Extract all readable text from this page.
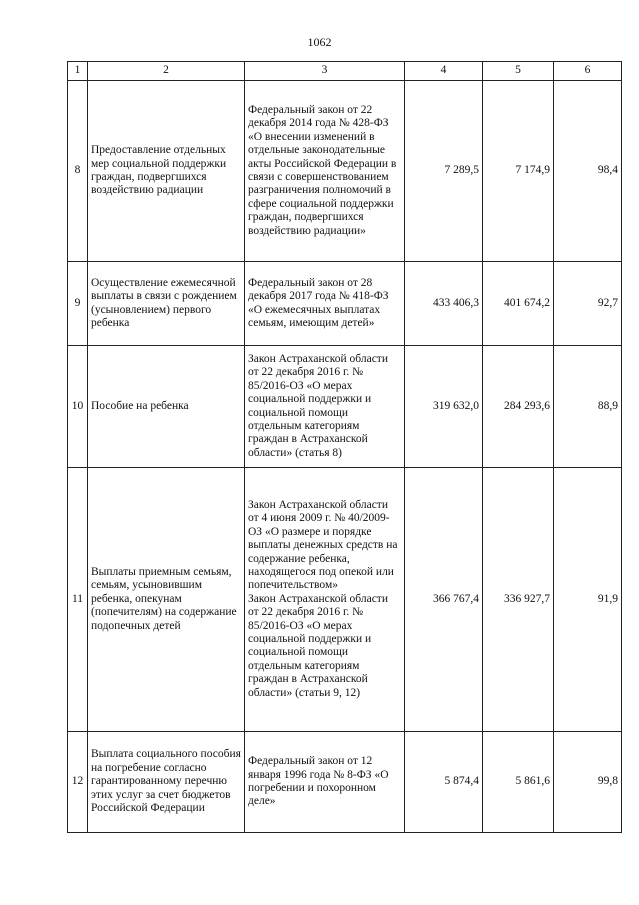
1062
1	2	3	4	5	6
8	Предоставление отдельных мер социальной поддержки граждан, подвергшихся воздействию радиации	Федеральный закон от 22 декабря 2014 года № 428-ФЗ «О внесении изменений в отдельные законодательные акты Российской Федерации в связи с совершенствованием разграничения полномочий в сфере социальной поддержки граждан, подвергшихся воздействию радиации»	7 289,5	7 174,9	98,4
9	Осуществление ежемесячной выплаты в связи с рождением (усыновлением) первого ребенка	Федеральный закон от 28 декабря 2017 года № 418-ФЗ «О ежемесячных выплатах семьям, имеющим детей»	433 406,3	401 674,2	92,7
10	Пособие на ребенка	Закон Астраханской области от 22 декабря 2016 г. № 85/2016-ОЗ «О мерах социальной поддержки и социальной помощи отдельным категориям граждан в Астраханской области» (статья 8)	319 632,0	284 293,6	88,9
11	Выплаты приемным семьям, семьям, усыновившим ребенка, опекунам (попечителям) на содержание подопечных детей	Закон Астраханской области от 4 июня 2009 г. № 40/2009-ОЗ «О размере и порядке выплаты денежных средств на содержание ребенка, находящегося под опекой или попечительством»
Закон Астраханской области от 22 декабря 2016 г. № 85/2016-ОЗ «О мерах социальной поддержки и социальной помощи отдельным категориям граждан в Астраханской области» (статьи 9, 12)	366 767,4	336 927,7	91,9
12	Выплата социального пособия на погребение согласно гарантированному перечню этих услуг за счет бюджетов Российской Федерации	Федеральный закон от 12 января 1996 года № 8-ФЗ «О погребении и похоронном деле»	5 874,4	5 861,6	99,8
